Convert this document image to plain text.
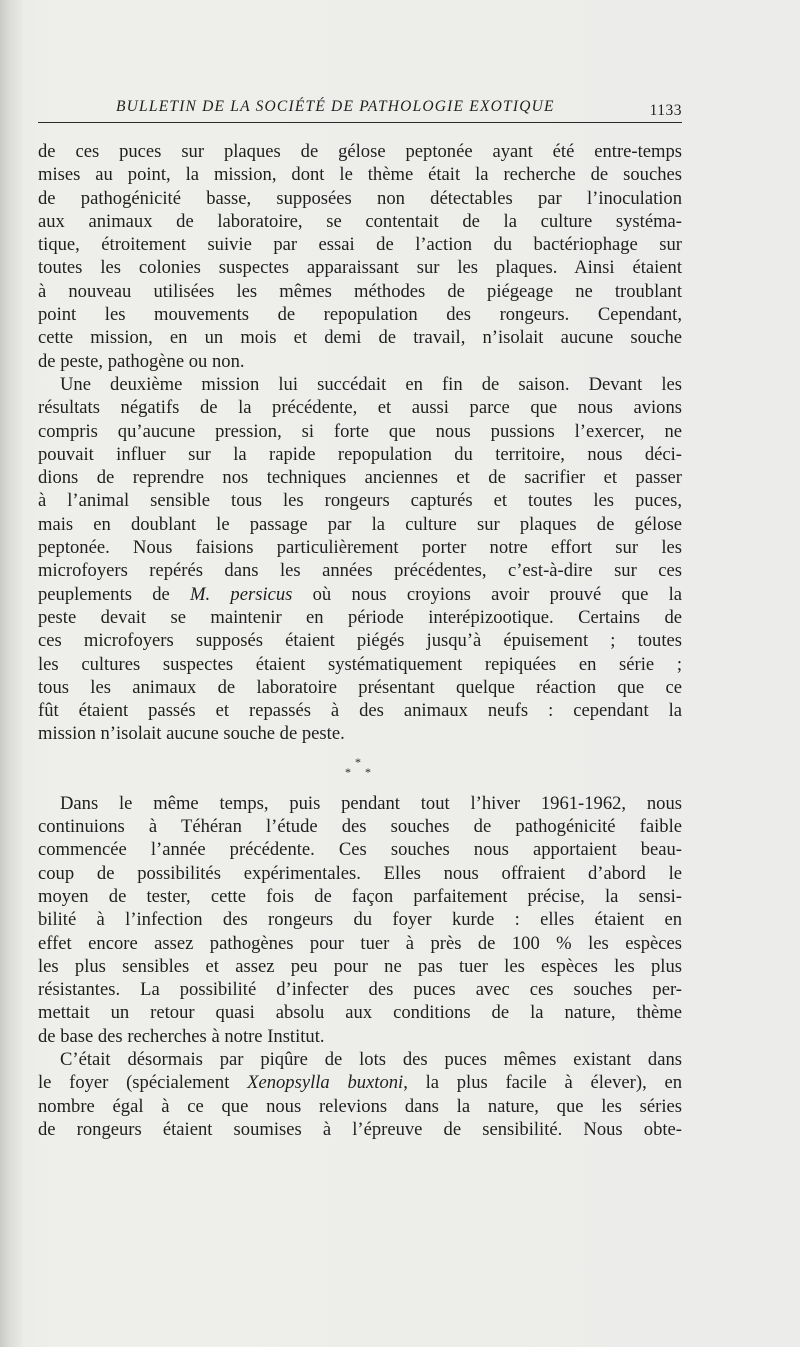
BULLETIN DE LA SOCIÉTÉ DE PATHOLOGIE EXOTIQUE	1133
de ces puces sur plaques de gélose peptonée ayant été entre-temps
mises au point, la mission, dont le thème était la recherche de souches
de pathogénicité basse, supposées non détectables par l’inoculation
aux animaux de laboratoire, se contentait de la culture systéma-
tique, étroitement suivie par essai de l’action du bactériophage sur
toutes les colonies suspectes apparaissant sur les plaques. Ainsi étaient
à nouveau utilisées les mêmes méthodes de piégeage ne troublant
point les mouvements de repopulation des rongeurs. Cependant,
cette mission, en un mois et demi de travail, n’isolait aucune souche
de peste, pathogène ou non.
Une deuxième mission lui succédait en fin de saison. Devant les
résultats négatifs de la précédente, et aussi parce que nous avions
compris qu’aucune pression, si forte que nous pussions l’exercer, ne
pouvait influer sur la rapide repopulation du territoire, nous déci-
dions de reprendre nos techniques anciennes et de sacrifier et passer
à l’animal sensible tous les rongeurs capturés et toutes les puces,
mais en doublant le passage par la culture sur plaques de gélose
peptonée. Nous faisions particulièrement porter notre effort sur les
microfoyers repérés dans les années précédentes, c’est-à-dire sur ces
peuplements de M. persicus où nous croyions avoir prouvé que la
peste devait se maintenir en période interépizootique. Certains de
ces microfoyers supposés étaient piégés jusqu’à épuisement ; toutes
les cultures suspectes étaient systématiquement repiquées en série ;
tous les animaux de laboratoire présentant quelque réaction que ce
fût étaient passés et repassés à des animaux neufs : cependant la
mission n’isolait aucune souche de peste.
*
* *
Dans le même temps, puis pendant tout l’hiver 1961-1962, nous
continuions à Téhéran l’étude des souches de pathogénicité faible
commencée l’année précédente. Ces souches nous apportaient beau-
coup de possibilités expérimentales. Elles nous offraient d’abord le
moyen de tester, cette fois de façon parfaitement précise, la sensi-
bilité à l’infection des rongeurs du foyer kurde : elles étaient en
effet encore assez pathogènes pour tuer à près de 100 % les espèces
les plus sensibles et assez peu pour ne pas tuer les espèces les plus
résistantes. La possibilité d’infecter des puces avec ces souches per-
mettait un retour quasi absolu aux conditions de la nature, thème
de base des recherches à notre Institut.
C’était désormais par piqûre de lots des puces mêmes existant dans
le foyer (spécialement Xenopsylla buxtoni, la plus facile à élever), en
nombre égal à ce que nous relevions dans la nature, que les séries
de rongeurs étaient soumises à l’épreuve de sensibilité. Nous obte-
